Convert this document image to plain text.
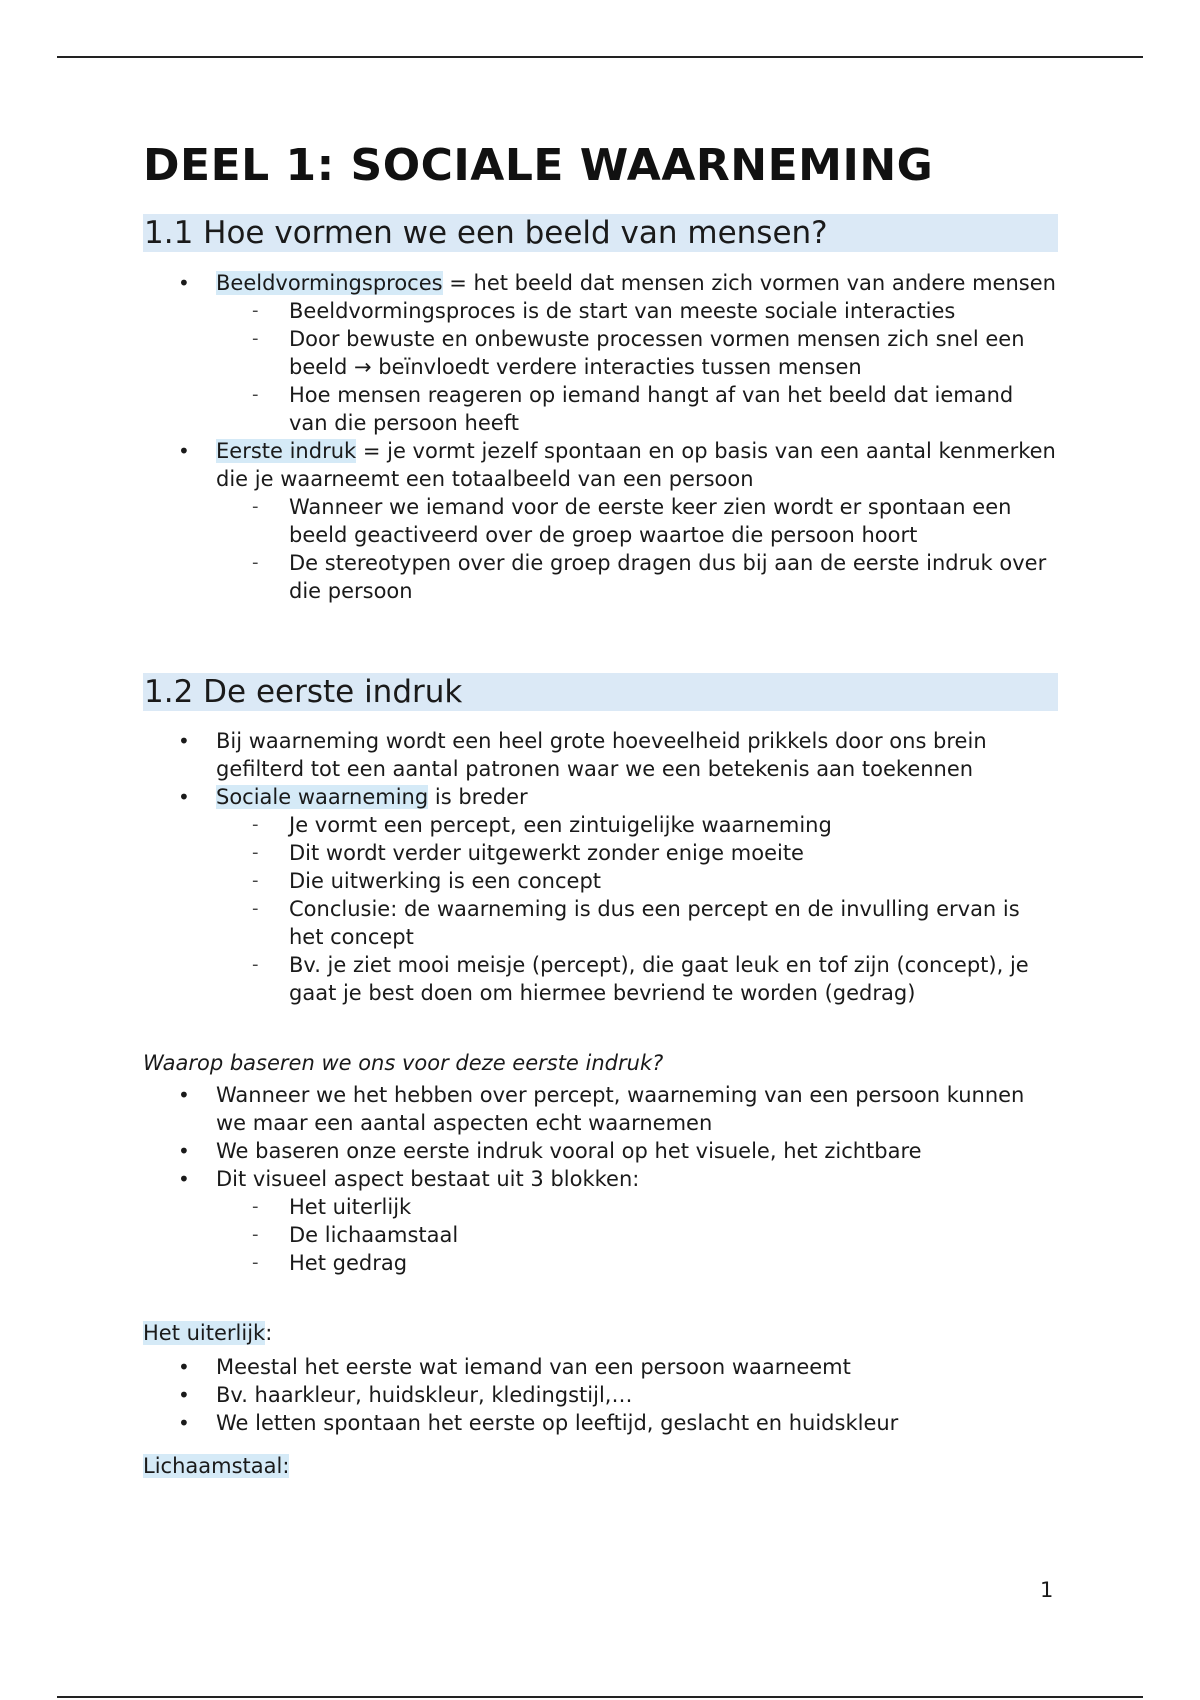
DEEL 1: SOCIALE WAARNEMING
1.1 Hoe vormen we een beeld van mensen?
• Beeldvormingsproces = het beeld dat mensen zich vormen van andere mensen
- Beeldvormingsproces is de start van meeste sociale interacties
- Door bewuste en onbewuste processen vormen mensen zich snel een beeld → beïnvloedt verdere interacties tussen mensen
- Hoe mensen reageren op iemand hangt af van het beeld dat iemand van die persoon heeft
• Eerste indruk = je vormt jezelf spontaan en op basis van een aantal kenmerken die je waarneemt een totaalbeeld van een persoon
- Wanneer we iemand voor de eerste keer zien wordt er spontaan een beeld geactiveerd over de groep waartoe die persoon hoort
- De stereotypen over die groep dragen dus bij aan de eerste indruk over die persoon
1.2 De eerste indruk
• Bij waarneming wordt een heel grote hoeveelheid prikkels door ons brein gefilterd tot een aantal patronen waar we een betekenis aan toekennen
• Sociale waarneming is breder
- Je vormt een percept, een zintuigelijke waarneming
- Dit wordt verder uitgewerkt zonder enige moeite
- Die uitwerking is een concept
- Conclusie: de waarneming is dus een percept en de invulling ervan is het concept
- Bv. je ziet mooi meisje (percept), die gaat leuk en tof zijn (concept), je gaat je best doen om hiermee bevriend te worden (gedrag)
Waarop baseren we ons voor deze eerste indruk?
• Wanneer we het hebben over percept, waarneming van een persoon kunnen we maar een aantal aspecten echt waarnemen
• We baseren onze eerste indruk vooral op het visuele, het zichtbare
• Dit visueel aspect bestaat uit 3 blokken:
- Het uiterlijk
- De lichaamstaal
- Het gedrag
Het uiterlijk:
• Meestal het eerste wat iemand van een persoon waarneemt
• Bv. haarkleur, huidskleur, kledingstijl,…
• We letten spontaan het eerste op leeftijd, geslacht en huidskleur
Lichaamstaal:
1
